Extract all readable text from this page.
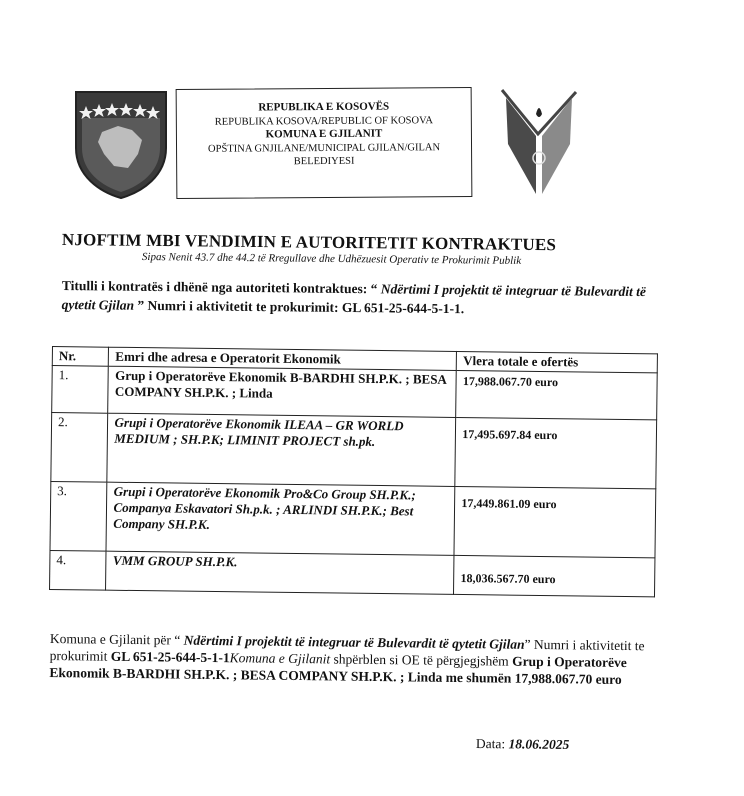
REPUBLIKA E KOSOVËS
REPUBLIKA KOSOVA/REPUBLIC OF KOSOVA
KOMUNA E GJILANIT
OPŠTINA GNJILANE/MUNICIPAL GJILAN/GILAN
BELEDIYESI
NJOFTIM MBI VENDIMIN E AUTORITETIT KONTRAKTUES
Sipas Nenit 43.7 dhe 44.2 të Rregullave dhe Udhëzuesit Operativ te Prokurimit Publik
Titulli i kontratës i dhënë nga autoriteti kontraktues: “ Ndërtimi I projektit të integruar të Bulevardit të qytetit Gjilan ” Numri i aktivitetit te prokurimit: GL 651-25-644-5-1-1.
Nr.	Emri dhe adresa e Operatorit Ekonomik	Vlera totale e ofertës
1.	Grup i Operatorëve Ekonomik B-BARDHI SH.P.K. ; BESA COMPANY SH.P.K. ; Linda	17,988.067.70 euro
2.	Grupi i Operatorëve Ekonomik ILEAA – GR WORLD MEDIUM ; SH.P.K; LIMINIT PROJECT sh.pk.	17,495.697.84 euro
3.	Grupi i Operatorëve Ekonomik Pro&Co Group SH.P.K.; Companya Eskavatori Sh.p.k. ; ARLINDI SH.P.K.; Best Company SH.P.K.	17,449.861.09 euro
4.	VMM GROUP SH.P.K.	18,036.567.70 euro
Komuna e Gjilanit për “ Ndërtimi I projektit të integruar të Bulevardit të qytetit Gjilan” Numri i aktivitetit te prokurimit GL 651-25-644-5-1-1Komuna e Gjilanit shpërblen si OE të përgjegjshëm Grup i Operatorëve Ekonomik B-BARDHI SH.P.K. ; BESA COMPANY SH.P.K. ; Linda me shumën 17,988.067.70 euro
Data: 18.06.2025
